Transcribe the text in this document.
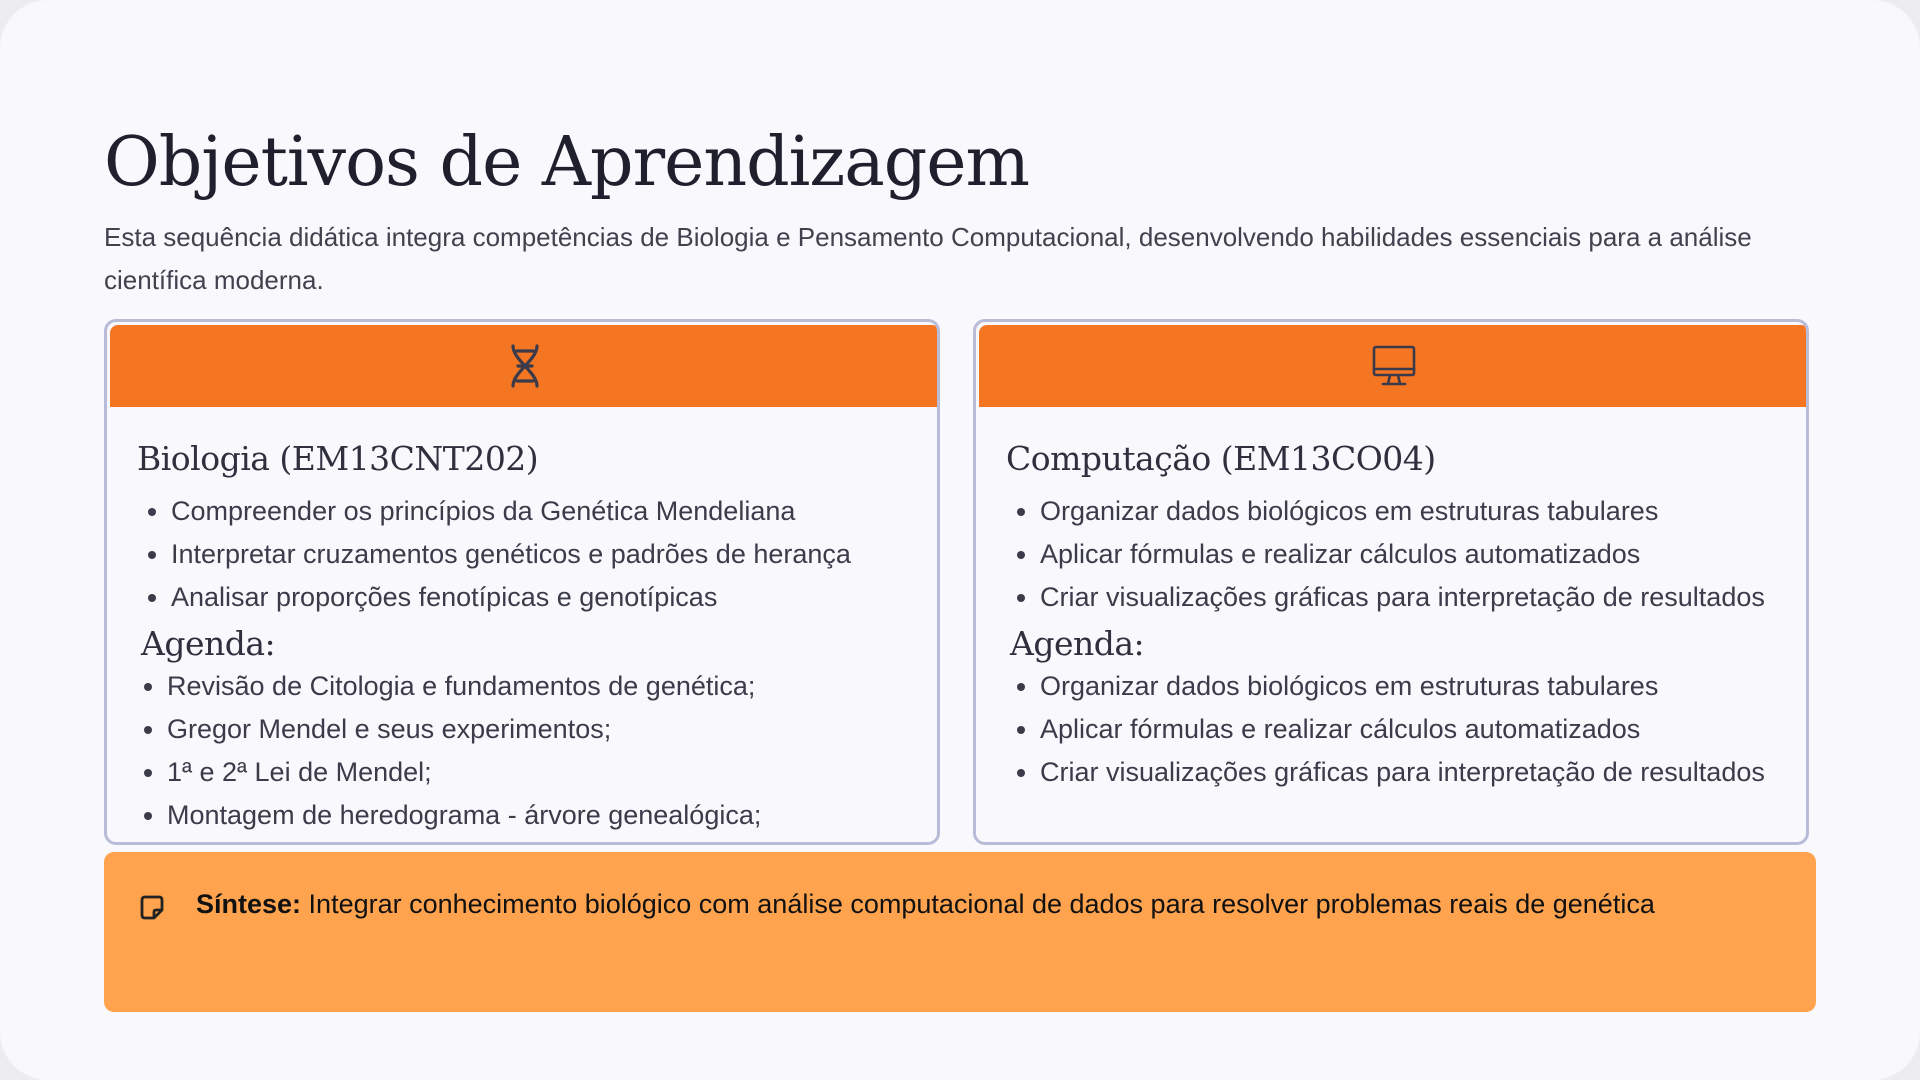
Objetivos de Aprendizagem

Esta sequência didática integra competências de Biologia e Pensamento Computacional, desenvolvendo habilidades essenciais para a análise científica moderna.

Biologia (EM13CNT202)
• Compreender os princípios da Genética Mendeliana
• Interpretar cruzamentos genéticos e padrões de herança
• Analisar proporções fenotípicas e genotípicas
Agenda:
• Revisão de Citologia e fundamentos de genética;
• Gregor Mendel e seus experimentos;
• 1ª e 2ª Lei de Mendel;
• Montagem de heredograma - árvore genealógica;
Computação (EM13CO04)
• Organizar dados biológicos em estruturas tabulares
• Aplicar fórmulas e realizar cálculos automatizados
• Criar visualizações gráficas para interpretação de resultados
Agenda:
• Organizar dados biológicos em estruturas tabulares
• Aplicar fórmulas e realizar cálculos automatizados
• Criar visualizações gráficas para interpretação de resultados

Síntese: Integrar conhecimento biológico com análise computacional de dados para resolver problemas reais de genética
